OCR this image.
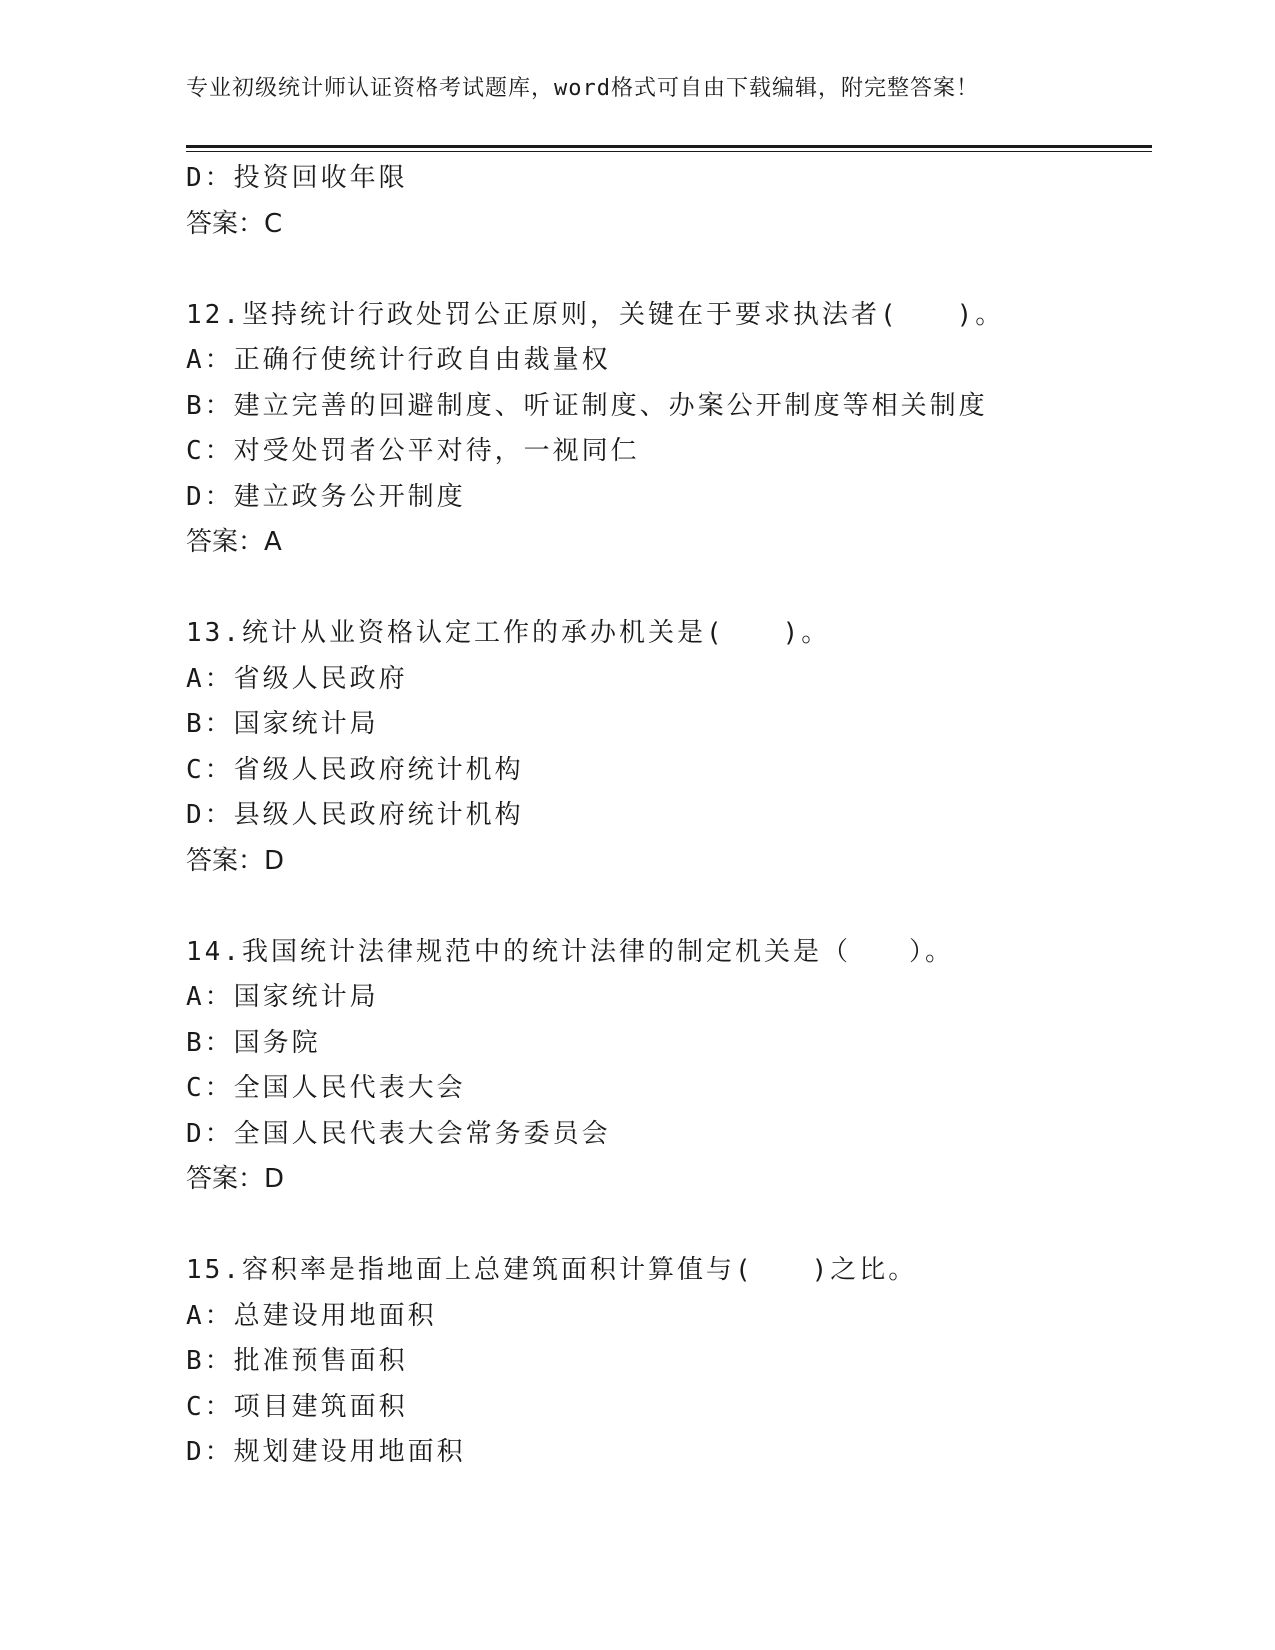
专业初级统计师认证资格考试题库，word格式可自由下载编辑，附完整答案！
D：投资回收年限
答案：C
12.坚持统计行政处罚公正原则，关键在于要求执法者(　　)。
A：正确行使统计行政自由裁量权
B：建立完善的回避制度、听证制度、办案公开制度等相关制度
C：对受处罚者公平对待，一视同仁
D：建立政务公开制度
答案：A
13.统计从业资格认定工作的承办机关是(　　)。
A：省级人民政府
B：国家统计局
C：省级人民政府统计机构
D：县级人民政府统计机构
答案：D
14.我国统计法律规范中的统计法律的制定机关是（　　）。
A：国家统计局
B：国务院
C：全国人民代表大会
D：全国人民代表大会常务委员会
答案：D
15.容积率是指地面上总建筑面积计算值与(　　)之比。
A：总建设用地面积
B：批准预售面积
C：项目建筑面积
D：规划建设用地面积
